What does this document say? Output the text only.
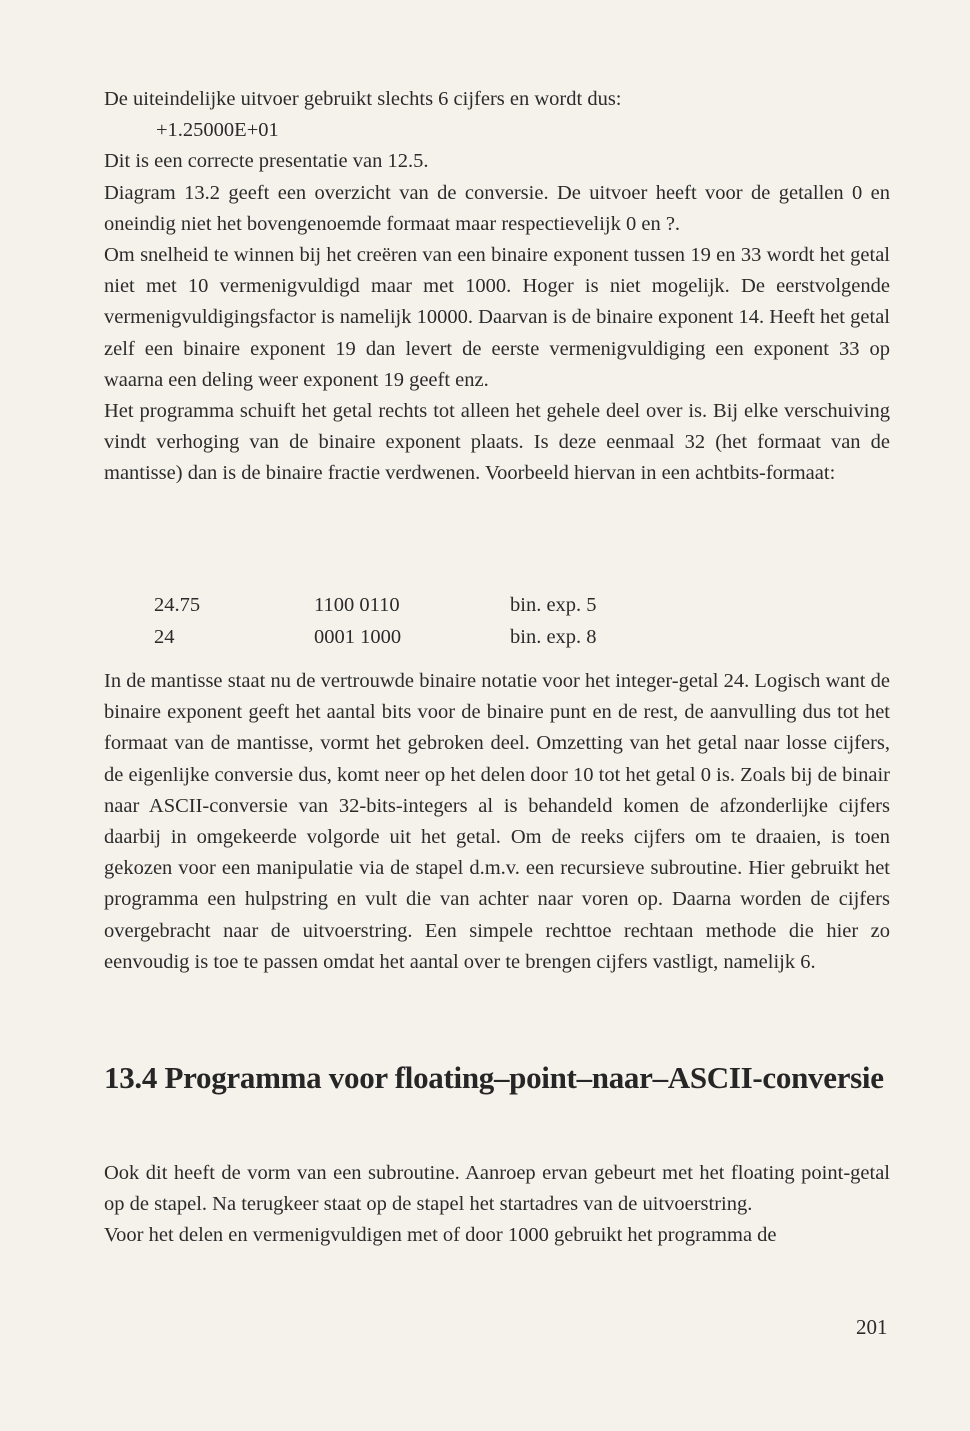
De uiteindelijke uitvoer gebruikt slechts 6 cijfers en wordt dus:

+1.25000E+01

Dit is een correcte presentatie van 12.5.

Diagram 13.2 geeft een overzicht van de conversie. De uitvoer heeft voor de getallen 0 en oneindig niet het bovengenoemde formaat maar respectievelijk 0 en ?.

Om snelheid te winnen bij het creëren van een binaire exponent tussen 19 en 33 wordt het getal niet met 10 vermenigvuldigd maar met 1000. Hoger is niet mogelijk. De eerstvolgende vermenigvuldigingsfactor is namelijk 10000. Daarvan is de binaire exponent 14. Heeft het getal zelf een binaire exponent 19 dan levert de eerste vermenigvuldiging een exponent 33 op waarna een deling weer exponent 19 geeft enz.

Het programma schuift het getal rechts tot alleen het gehele deel over is. Bij elke verschuiving vindt verhoging van de binaire exponent plaats. Is deze eenmaal 32 (het formaat van de mantisse) dan is de binaire fractie verdwenen. Voorbeeld hiervan in een achtbits-formaat:

24.75	1100 0110	bin. exp. 5
24	0001 1000	bin. exp. 8

In de mantisse staat nu de vertrouwde binaire notatie voor het integer-getal 24. Logisch want de binaire exponent geeft het aantal bits voor de binaire punt en de rest, de aanvulling dus tot het formaat van de mantisse, vormt het gebroken deel. Omzetting van het getal naar losse cijfers, de eigenlijke conversie dus, komt neer op het delen door 10 tot het getal 0 is. Zoals bij de binair naar ASCII-conversie van 32-bits-integers al is behandeld komen de afzonderlijke cijfers daarbij in omgekeerde volgorde uit het getal. Om de reeks cijfers om te draaien, is toen gekozen voor een manipulatie via de stapel d.m.v. een recursieve subroutine. Hier gebruikt het programma een hulpstring en vult die van achter naar voren op. Daarna worden de cijfers overgebracht naar de uitvoerstring. Een simpele rechttoe rechtaan methode die hier zo eenvoudig is toe te passen omdat het aantal over te brengen cijfers vastligt, namelijk 6.

13.4 Programma voor floating–point–naar–ASCII-conversie

Ook dit heeft de vorm van een subroutine. Aanroep ervan gebeurt met het floating point-getal op de stapel. Na terugkeer staat op de stapel het startadres van de uitvoerstring.

Voor het delen en vermenigvuldigen met of door 1000 gebruikt het programma de

201
